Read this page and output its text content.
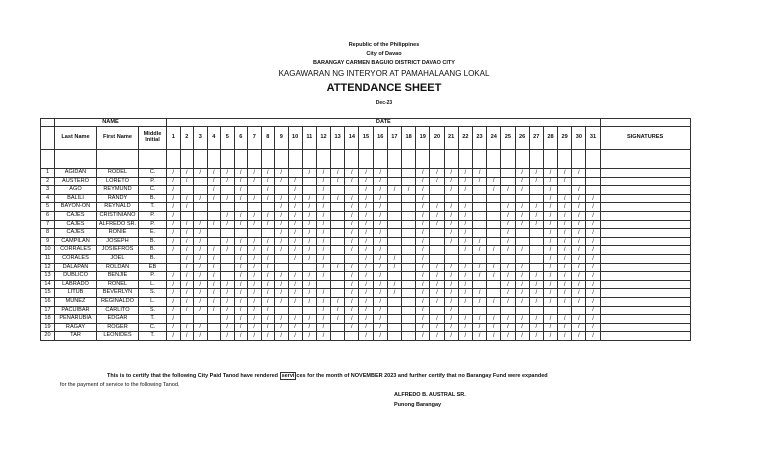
Republic of the Philippines
City of Davao
BARANGAY CARMEN BAGUIO DISTRICT DAVAO CITY
KAGAWARAN NG INTERYOR AT PAMAHALAANG LOKAL
ATTENDANCE SHEET
Dec-23
	NAME			DATE																															
	Last Name	First Name	Middle Initial	1	2	3	4	5	6	7	8	9	10	11	12	13	14	15	16	17	18	19	20	21	22	23	24	25	26	27	28	29	30	31	SIGNATURES

1	AGIDAN	RODEL	C.	/	/	/	/	/	/	/	/	/		/	/	/	/	/	/			/	/	/	/	/			/	/	/	/	/		
2	AUSTERO	LORETO	P.	/	/		/	/	/	/	/	/	/		/	/	/	/	/			/	/	/	/	/	/		/	/	/	/			
3	AGO	REYMUND	C.	/			/		/		/		/		/			/	/	/	/	/		/	/		/	/	/		/		/		
4	BALILI	RANDY	B.	/	/	/	/	/	/	/	/	/	/	/	/	/	/	/	/			/									/	/	/	/	
5	BAYON-ON	REYNALD	T.	/	/							/	/	/	/		/	/	/			/	/	/	/			/	/	/	/	/	/	/	
6	CAJES	CRISTINIANO	P.	/				/	/	/	/	/	/	/	/		/	/	/			/	/	/	/			/	/	/	/	/	/	/	
7	CAJES	ALFREDO SR.	P.	/	/	/	/	/	/	/	/	/	/	/	/		/	/	/			/	/	/	/			/	/	/	/	/	/	/	
8	CAJES	RONIE	E.	/	/	/						/	/	/	/		/	/	/			/		/	/			/			/	/	/	/	
9	CAMPILAN	JOSEPH	B.	/	/	/		/	/	/	/	/	/	/	/		/	/	/			/		/	/	/		/			/	/	/	/	
10	CORRALES	JOSIEFROS	B.	/	/	/	/	/	/	/	/	/	/	/	/		/	/	/			/			/	/	/	/	/		/	/	/	/	
11	CORALES	JOEL	B.		/	/	/		/	/	/		/	/	/			/	/	/		/									/	/	/	/	
12	DALAPAN	ROLDAN	EB		/	/	/		/	/	/				/	/	/	/	/	/		/	/	/	/	/	/	/	/		/	/	/	/	
13	DUBLICO	BENJIE	P.	/	/	/	/		/	/	/	/	/	/	/		/	/	/			/	/	/	/	/	/	/	/	/	/	/	/	/	
14	LABRADO	RONEL	L.	/	/	/	/	/	/	/	/	/	/	/			/	/	/	/		/	/	/	/			/	/	/	/	/	/	/	
15	LITUB	BEVERLYN	S.	/	/	/	/	/	/	/	/	/	/	/	/		/	/	/	/		/	/	/	/	/		/	/	/	/	/	/	/	
16	MUÑEZ	REGINALDO	L.	/	/	/	/	/	/	/	/	/	/	/	/	/	/	/	/			/	/	/	/	/	/	/	/	/	/	/	/	/	
17	PACUIBAR	CARLITO	S.	/	/	/	/	/	/	/	/				/	/	/	/	/			/		/										/	
18	PEÑARUBIA	EDGAR	T.	/				/	/	/	/	/	/	/	/	/	/	/	/			/	/	/	/	/	/	/	/	/	/	/	/	/	
19	RAGAY	ROGER	C.	/	/	/		/	/	/	/	/	/	/	/		/	/	/			/	/	/	/	/	/	/	/	/	/	/	/	/	
20	TAR	LEONIDES	T.	/	/	/		/	/	/	/	/	/	/	/			/	/			/	/	/	/	/	/	/	/	/	/	/	/	/	
This is to certify that the following City Paid Tanod have rendered servi ces for the month of NOVEMBER 2023 and further certify that no Barangay Fund were expanded
for the payment of service to the following Tanod.
ALFREDO B. AUSTRAL SR.
Punong Barangay
